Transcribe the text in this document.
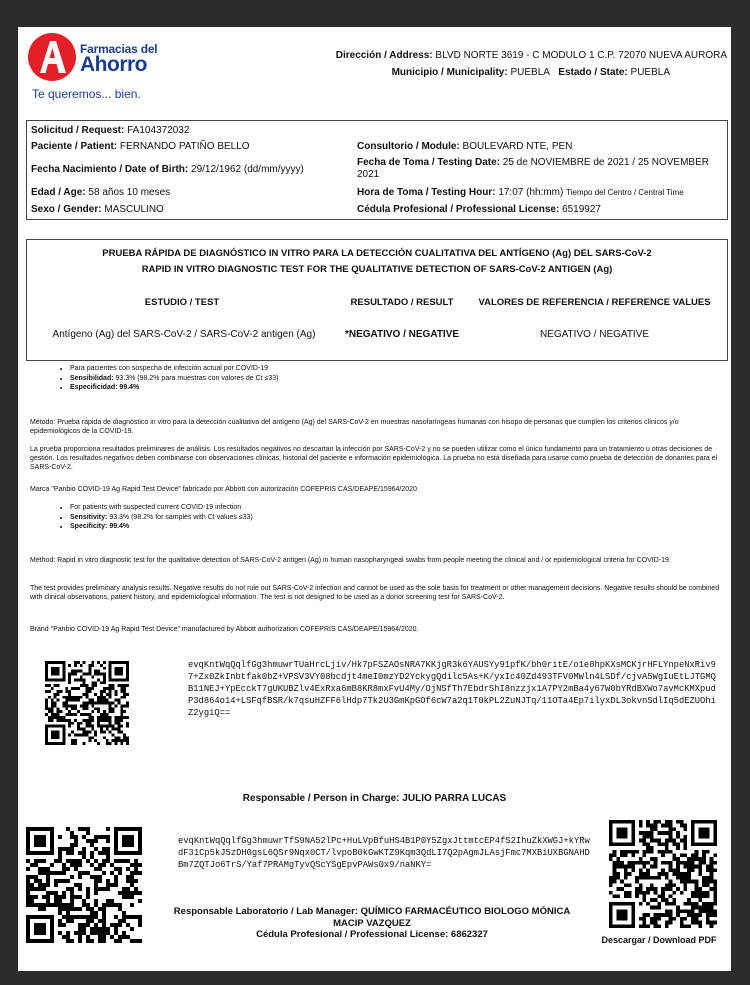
Farmacias del
Ahorro
Te queremos... bien.
Dirección / Address: BLVD NORTE 3619 - C MODULO 1 C.P. 72070 NUEVA AURORA
Municipio / Municipality: PUEBLA Estado / State: PUEBLA
Solicitud / Request: FA104372032
Paciente / Patient: FERNANDO PATIÑO BELLO
Fecha Nacimiento / Date of Birth: 29/12/1962 (dd/mm/yyyy)
Edad / Age: 58 años 10 meses
Sexo / Gender: MASCULINO
Consultorio / Module: BOULEVARD NTE, PEN
Fecha de Toma / Testing Date: 25 de NOVIEMBRE de 2021 / 25 NOVEMBER 2021
Hora de Toma / Testing Hour: 17:07 (hh:mm) Tiempo del Centro / Central Time
Cédula Profesional / Professional License: 6519927
PRUEBA RÁPIDA DE DIAGNÓSTICO IN VITRO PARA LA DETECCIÓN CUALITATIVA DEL ANTÍGENO (Ag) DEL SARS-CoV-2
RAPID IN VITRO DIAGNOSTIC TEST FOR THE QUALITATIVE DETECTION OF SARS-CoV-2 ANTIGEN (Ag)
ESTUDIO / TEST	RESULTADO / RESULT	VALORES DE REFERENCIA / REFERENCE VALUES
Antígeno (Ag) del SARS-CoV-2 / SARS-CoV-2 antigen (Ag)	*NEGATIVO / NEGATIVE	NEGATIVO / NEGATIVE
• Para pacientes con sospecha de infección actual por COVID-19
• Sensibilidad: 93.3% (98.2% para muestras con valores de Ct ≤33)
• Especificidad: 99.4%
Método: Prueba rápida de diagnóstico in vitro para la detección cualitativa del antígeno (Ag) del SARS-CoV-2 en muestras nasofaríngeas humanas con hisopo de personas que cumplen los criterios clínicos y/o epidemiológicos de la COVID-19.
La prueba proporciona resultados preliminares de análisis. Los resultados negativos no descartan la infección por SARS-CoV-2 y no se pueden utilizar como el único fundamento para un tratamiento u otras decisiones de gestión. Los resultados negativos deben combinarse con observaciones clínicas, historial del paciente e información epidemiológica. La prueba no está diseñada para usarse como prueba de detección de donantes para el SARS-CoV-2.
Marca "Panbio COVID-19 Ag Rapid Test Device" fabricado por Abbott con autorización COFEPRIS CAS/DEAPE/15964/2020.
• For patients with suspected current COVID-19 infection
• Sensitivity: 93.3% (98.2% for samples with Ct values ≤33)
• Specificity: 99.4%
Method: Rapid in vitro diagnostic test for the qualitative detection of SARS-CoV-2 antigen (Ag) in human nasopharyngeal swabs from people meeting the clinical and / or epidemiological criteria for COVID-19.
The test provides preliminary analysis results. Negative results do not rule out SARS-CoV-2 infection and cannot be used as the sole basis for treatment or other management decisions. Negative results should be combined with clinical observations, patient history, and epidemiological information. The test is not designed to be used as a donor screening test for SARS-CoV-2.
Brand "Panbio COVID-19 Ag Rapid Test Device" manufactured by Abbott authorization COFEPRIS CAS/DEAPE/15964/2020.
evqKntWqQqlfGg3hmuwrTUaHrcLjiv/Hk7pFSZAOsNRA7KKjgR3k6YAUSYy91pfK/bh0ritE/o1e8hpKXsMCKjrHFLYnpeNxRiv97+Zx0ZkInbtfak0bZ+VPSV3VY08bcdjt4meI0mzYD2YckygQdilc5As+K/yxIc40Zd493TFV0MWln4LSDf/cjvA5WgIuEtLJTGMQB11NEJ+YpEcckT7gUKUBZlv4ExRxa6mB8KR8mxFvU4My/OjNSfTh7EbdrShI8nzzjx1A7PY2mBa4y67W0bYRdBXWo7avMcKMXpudP3d864o14+LSFqfBSR/k7qsuHZFF6lHdp7Tk2U3GmKpGOf6cW7a2q1T0kPL2ZuNJTq/11OTa4Ep7ilyxDL3okvnSdlIq5dEZUOhiZ2ygiQ==
Responsable / Person in Charge: JULIO PARRA LUCAS
evqKntWqQqlfGg3hmuwrTfS9NA52lPc+HuLVpBfuHS4B1P0Y5ZgxJttmtcEP4fS2IhuZkXWGJ+kYRwdF31Cp5kJ5zDH0gsL6QSr9Nqx0CT/lvpoB0kGwKTZ9Kqm3QdLI7Q2pAgmJLAsjFmc7MXBiUXBGNAHDBm7ZQTJo6TrS/Yaf7PRAMgTyvQScYSgEpvPAWs0x9/naNKY=
Responsable Laboratorio / Lab Manager: QUÍMICO FARMACÉUTICO BIOLOGO MÓNICA MACIP VAZQUEZ
Cédula Profesional / Professional License: 6862327	Descargar / Download PDF
